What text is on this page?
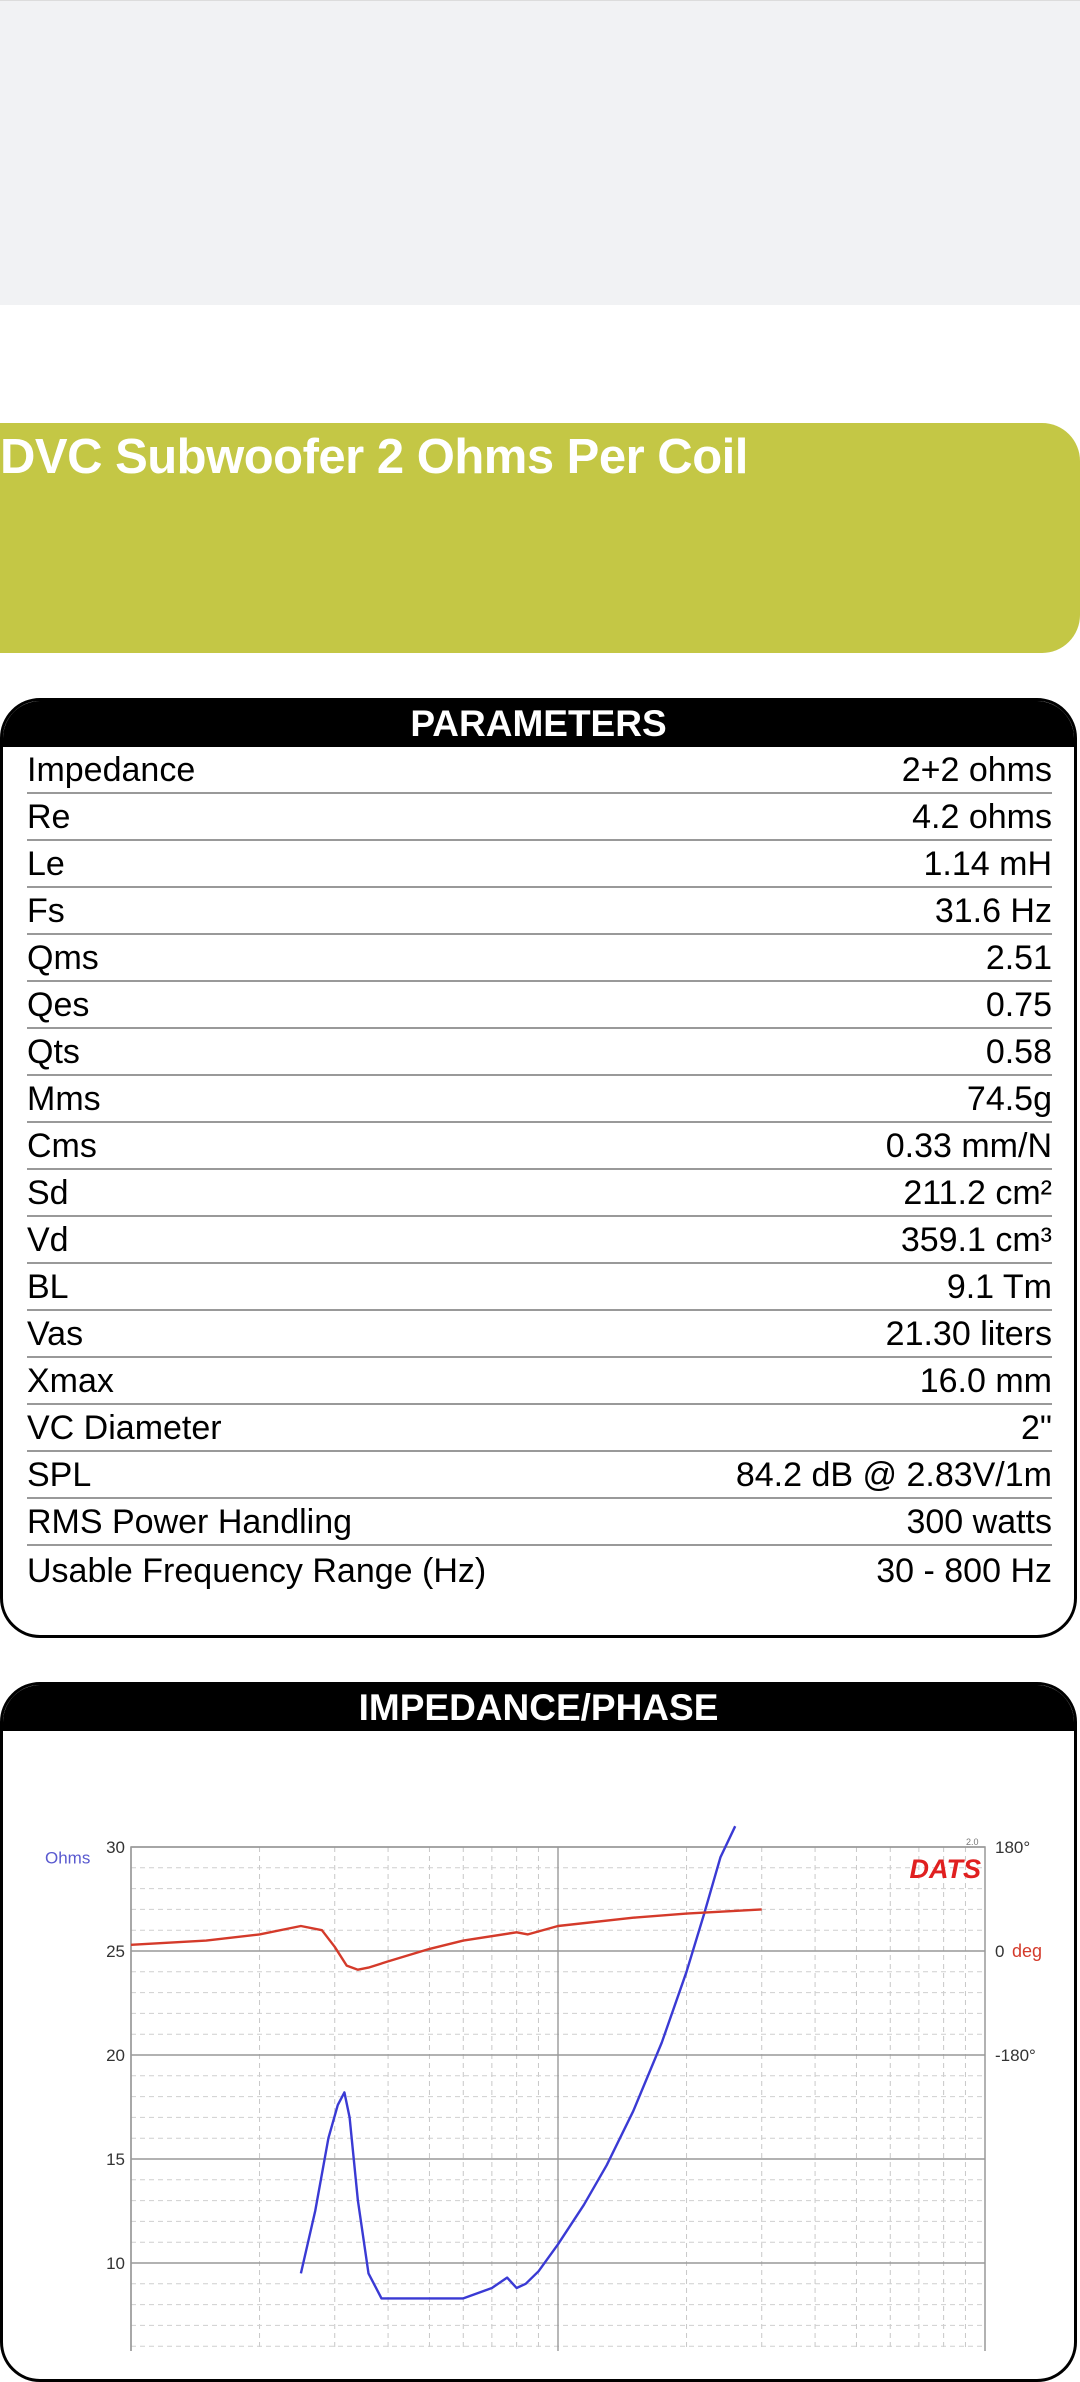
DVC Subwoofer 2 Ohms Per Coil
PARAMETERS
Impedance	2+2 ohms
Re	4.2 ohms
Le	1.14 mH
Fs	31.6 Hz
Qms	2.51
Qes	0.75
Qts	0.58
Mms	74.5g
Cms	0.33 mm/N
Sd	211.2 cm²
Vd	359.1 cm³
BL	9.1 Tm
Vas	21.30 liters
Xmax	16.0 mm
VC Diameter	2"
SPL	84.2 dB @ 2.83V/1m
RMS Power Handling	300 watts
Usable Frequency Range (Hz)	30 - 800 Hz
IMPEDANCE/PHASE
10
15
20
25
30	180°
0
-180°
Ohms
deg
2.0
DATS
